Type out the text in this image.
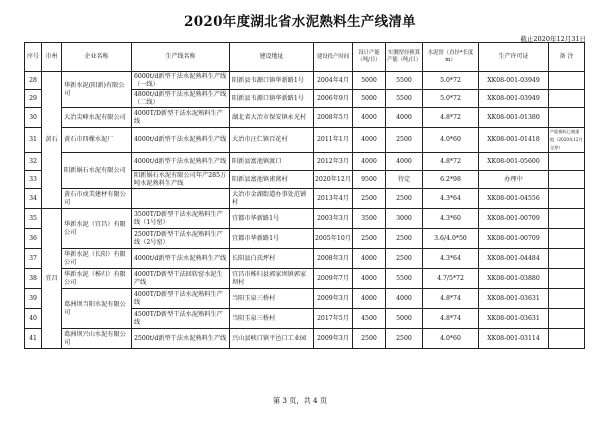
2020年度湖北省水泥熟料生产线清单
截止2020年12月31日
序号	市州	企业名称	生产线名称	建设地址	建设投产时间	设计产能（吨/日）	实测窑径换算产能（吨/日）	水泥窑（直径*长度m）	生产许可证	备 注
28	黄石	华新水泥(阳新)有限公司	6000t/d新型干法水泥熟料生产线（一线）	阳新县韦源口镇华新路1号	2004年4月	5000	5500	5.0*72	XK08-001-03949	
29			4800t/d新型干法水泥熟料生产线（二线）	阳新县韦源口镇华新路1号	2006年9月	5000	5500	5.0*72	XK08-001-03949	
30		大冶尖峰水泥有限公司	4000T/D新型干法水泥熟料生产线	湖北省大冶市保安镇永光村	2008年5月	4000	4000	4.8*72	XK08-001-01380	
31		黄石市四棵水泥厂	4000t/d新型干法水泥熟料生产线	大冶市汪仁镇百花村	2011年1月	4000	2500	4.0*60	XK08-001-01418	产能指标已被重组（2020年12月全停）
32		阳新娲石水泥有限公司	4000t/d新型干法水泥熟料生产线	阳新县富池镇渡口	2012年3月	4000	4000	4.8*72	XK08-001-05600	
33			阳新娲石水泥有限公司年产285万吨水泥熟料生产线	阳新县富池镇雀窝村	2020年12月	9500	待定	6.2*98	办理中	
34		黄石市戍美建材有限公司		大冶市金湖街道办事处范铺村	2013年4月	2500	2500	4.3*64	XK08-001-04556	
35	宜昌	华新水泥（宜昌）有限公司	3500T/D新型干法水泥熟料生产线（1号窑）	宜都市华新路1号	2003年3月	3500	3000	4.3*60	XK08-001-00709	
36			2500T/D新型干法水泥熟料生产线（2号窑）	宜都市华新路1号	2005年10月	2500	2500	3.6/4.0*50	XK08-001-00709	
37		华新水泥（长阳）有限公司	4000t/d新型干法水泥熟料生产线	长阳县白氏坪村	2008年3月	4000	2500	4.3*64	XK08-001-04484	
38		华新水泥（秭归）有限公司	4000T/D新型干法回转窑水泥生产线	宜昌市秭归县郭家坝镇郭家坝村	2009年7月	4000	5500	4.7/5*72	XK08-001-03880	
39		葛洲坝当阳水泥有限公司	4000T/D新型干法水泥熟料生产线	当阳玉泉三桥村	2009年3月	4000	4000	4.8*74	XK08-001-03631	
40			4500T/D新型干法水泥熟料生产线	当阳玉泉三桥村	2017年5月	4500	5000	4.8*74	XK08-001-03631	
41		葛洲坝兴山水泥有限公司	2500t/d新型干法水泥熟料生产线	兴山县峡口镇平邑口工业园	2009年3月	2500	2500	4.0*60	XK08-001-03114	
第 3 页，共 4 页
